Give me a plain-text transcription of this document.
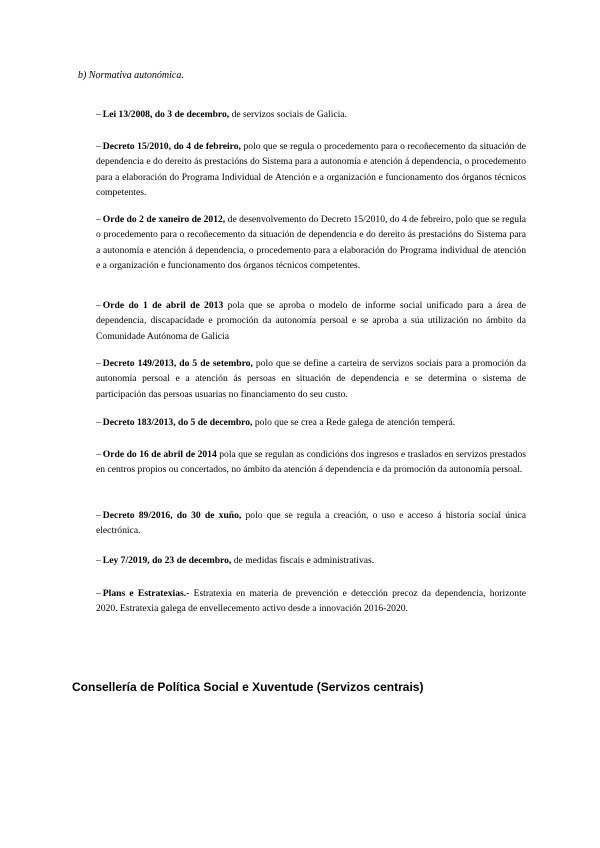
b) Normativa autonómica.
– Lei 13/2008, do 3 de decembro, de servizos sociais de Galicia.
– Decreto 15/2010, do 4 de febreiro, polo que se regula o procedemento para o recoñecemento da situación de dependencia e do dereito ás prestacións do Sistema para a autonomía e atención á dependencia, o procedemento para a elaboración do Programa Individual de Atención e a organización e funcionamento dos órganos técnicos competentes.
– Orde do 2 de xaneiro de 2012, de desenvolvemento do Decreto 15/2010, do 4 de febreiro, polo que se regula o procedemento para o recoñecemento da situación de dependencia e do dereito ás prestacións do Sistema para a autonomía e atención á dependencia, o procedemento para a elaboración do Programa individual de atención e a organización e funcionamento dos órganos técnicos competentes.
– Orde do 1 de abril de 2013 pola que se aproba o modelo de informe social unificado para a área de dependencia, discapacidade e promoción da autonomía persoal e se aproba a súa utilización no ámbito da Comunidade Autónoma de Galicia
– Decreto 149/2013, do 5 de setembro, polo que se define a carteira de servizos sociais para a promoción da autonomía persoal e a atención ás persoas en situación de dependencia e se determina o sistema de participación das persoas usuarias no financiamento do seu custo.
– Decreto 183/2013, do 5 de decembro, polo que se crea a Rede galega de atención temperá.
– Orde do 16 de abril de 2014 pola que se regulan as condicións dos ingresos e traslados en servizos prestados en centros propios ou concertados, no ámbito da atención á dependencia e da promoción da autonomía persoal.
– Decreto 89/2016, do 30 de xuño, polo que se regula a creación, o uso e acceso á historia social única electrónica.
– Ley 7/2019, do 23 de decembro, de medidas fiscais e administrativas.
– Plans e Estratexias.- Estratexia en materia de prevención e detección precoz da dependencia, horizonte 2020. Estratexia galega de envellecemento activo desde a innovación 2016-2020.
Consellería de Política Social e Xuventude (Servizos centrais)
